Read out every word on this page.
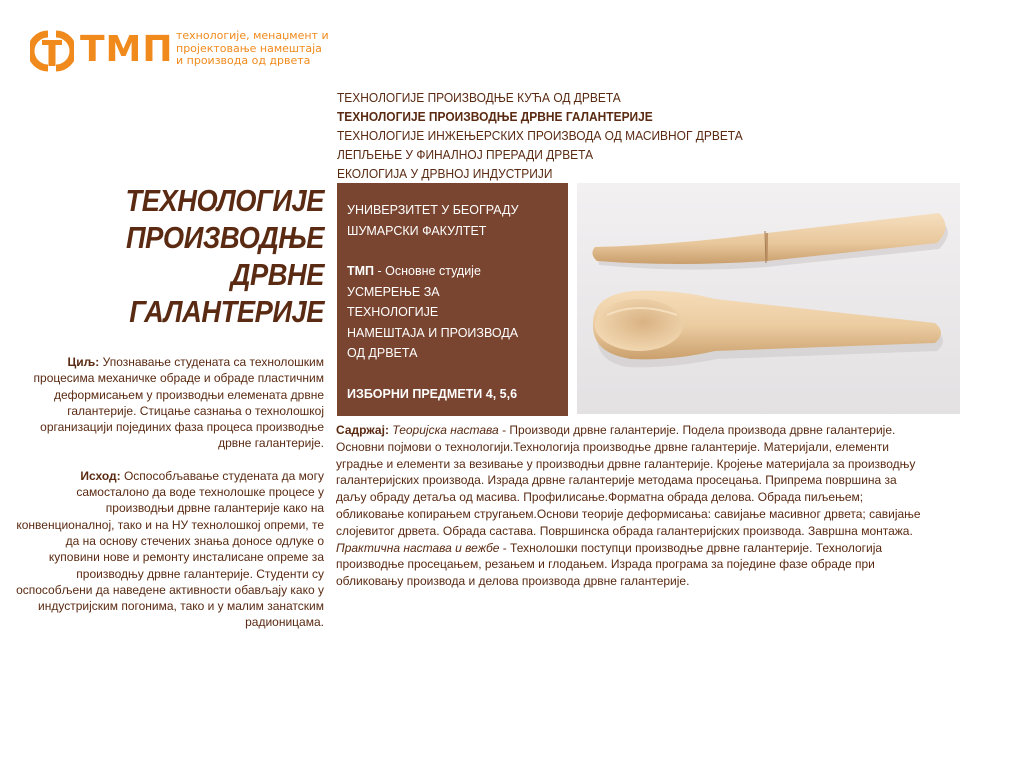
ТМП технологије, менаџмент и
пројектовање намештаја
и производа од дрвета
ТЕХНОЛОГИЈЕ ПРОИЗВОДЊЕ КУЋА ОД ДРВЕТА
ТЕХНОЛОГИЈЕ ПРОИЗВОДЊЕ ДРВНЕ ГАЛАНТЕРИЈЕ
ТЕХНОЛОГИЈЕ ИНЖЕЊЕРСКИХ ПРОИЗВОДА ОД МАСИВНОГ ДРВЕТА
ЛЕПЉЕЊЕ У ФИНАЛНОЈ ПРЕРАДИ ДРВЕТА
ЕКОЛОГИЈА У ДРВНОЈ ИНДУСТРИЈИ
ТЕХНОЛОГИЈЕ
ПРОИЗВОДЊЕ
ДРВНЕ
ГАЛАНТЕРИЈЕ

Циљ: Упознавање студената са технолошким процесима механичке обраде и обраде пластичним деформисањем у производњи елемената дрвне галантерије. Стицање сазнања о технолошкој организацији појединих фаза процеса производње дрвне галантерије.

Исход: Оспособљавање студената да могу самосталоно да воде технолошке процесе у производњи дрвне галантерије како на конвенционалној, тако и на НУ технолошкој опреми, те да на основу стечених знања доносе одлуке о куповини нове и ремонту инсталисане опреме за производњу дрвне галантерије. Студенти су оспособљени да наведене активности обављају како у индустријским погонима, тако и у малим занатским радионицама.

УНИВЕРЗИТЕТ У БЕОГРАДУ
ШУМАРСКИ ФАКУЛТЕТ
ТМП - Основне студије
УСМЕРЕЊЕ ЗА
ТЕХНОЛОГИЈЕ
НАМЕШТАЈА И ПРОИЗВОДА
ОД ДРВЕТА
ИЗБОРНИ ПРЕДМЕТИ 4, 5,6
Садржај: Теоријска настава - Производи дрвне галантерије. Подела производа дрвне галантерије. Основни појмови о технологији.Технологија производње дрвне галантерије. Материјали, елементи уградње и елементи за везивање у производњи дрвне галантерије. Кројење материјала за производњу галантеријских производа. Израда дрвне галантерије методама просецања. Припрема површина за даљу обраду детаља од масива. Профилисање.Форматна обрада делова. Обрада пиљењем; обликовање копирањем стругањем.Основи теорије деформисања: савијање масивног дрвета; савијање слојевитог дрвета. Обрада састава. Површинска обрада галантеријских производа. Завршна монтажа. Практична настава и вежбе - Технолошки поступци производње дрвне галантерије. Технологија производње просецањем, резањем и глодањем. Израда програма за поједине фазе обраде при обликовању производа и делова производа дрвне галантерије.
